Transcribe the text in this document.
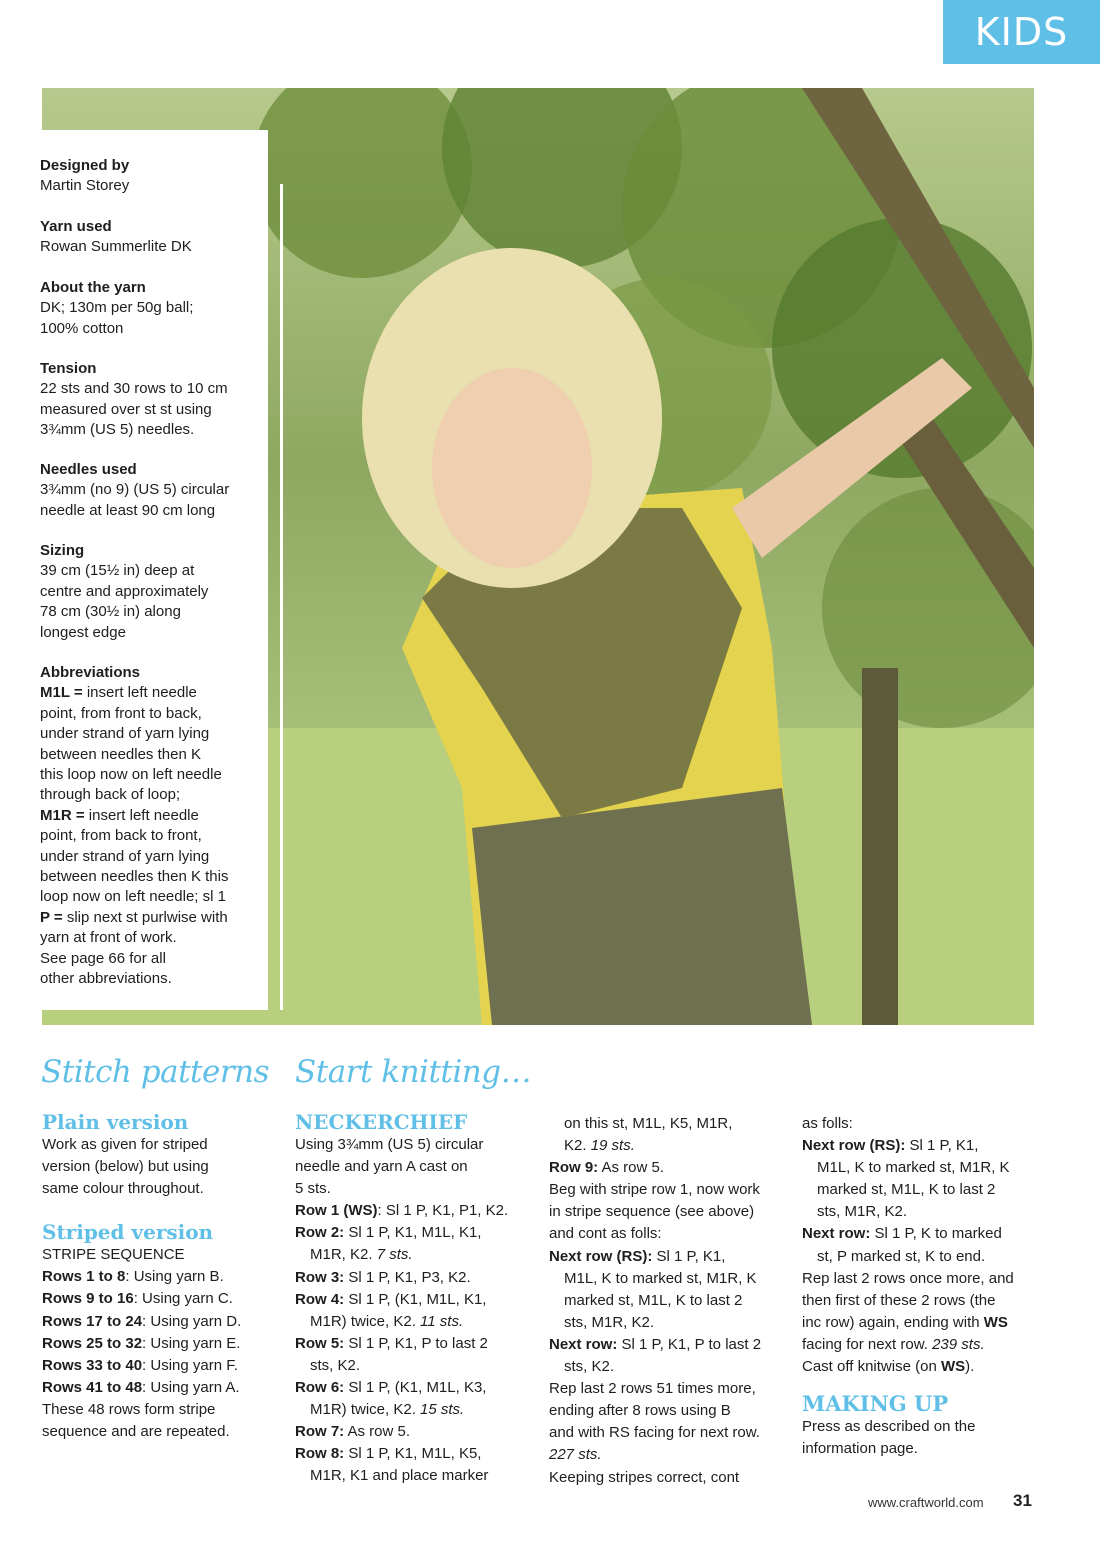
KIDS
Designed by
Martin Storey
Yarn used
Rowan Summerlite DK
About the yarn
DK; 130m per 50g ball;
100% cotton
Tension
22 sts and 30 rows to 10 cm
measured over st st using
3¾mm (US 5) needles.
Needles used
3¾mm (no 9) (US 5) circular
needle at least 90 cm long
Sizing
39 cm (15½ in) deep at
centre and approximately
78 cm (30½ in) along
longest edge
Abbreviations
M1L = insert left needle
point, from front to back,
under strand of yarn lying
between needles then K
this loop now on left needle
through back of loop;
M1R = insert left needle
point, from back to front,
under strand of yarn lying
between needles then K this
loop now on left needle; sl 1
P = slip next st purlwise with
yarn at front of work.
See page 66 for all
other abbreviations.
Stitch patterns
Plain version

Work as given for striped

version (below) but using

same colour throughout.

Striped version

STRIPE SEQUENCE

Rows 1 to 8: Using yarn B.

Rows 9 to 16: Using yarn C.

Rows 17 to 24: Using yarn D.

Rows 25 to 32: Using yarn E.

Rows 33 to 40: Using yarn F.

Rows 41 to 48: Using yarn A.

These 48 rows form stripe

sequence and are repeated.

Start knitting…
NECKERCHIEF

Using 3¾mm (US 5) circular

needle and yarn A cast on

5 sts.

Row 1 (WS): Sl 1 P, K1, P1, K2.

Row 2: Sl 1 P, K1, M1L, K1,

M1R, K2. 7 sts.

Row 3: Sl 1 P, K1, P3, K2.

Row 4: Sl 1 P, (K1, M1L, K1,

M1R) twice, K2. 11 sts.

Row 5: Sl 1 P, K1, P to last 2

sts, K2.

Row 6: Sl 1 P, (K1, M1L, K3,

M1R) twice, K2. 15 sts.

Row 7: As row 5.

Row 8: Sl 1 P, K1, M1L, K5,

M1R, K1 and place marker

on this st, M1L, K5, M1R,

K2. 19 sts.

Row 9: As row 5.

Beg with stripe row 1, now work

in stripe sequence (see above)

and cont as folls:

Next row (RS): Sl 1 P, K1,

M1L, K to marked st, M1R, K

marked st, M1L, K to last 2

sts, M1R, K2.

Next row: Sl 1 P, K1, P to last 2

sts, K2.

Rep last 2 rows 51 times more,

ending after 8 rows using B

and with RS facing for next row.

227 sts.

Keeping stripes correct, cont

as folls:

Next row (RS): Sl 1 P, K1,

M1L, K to marked st, M1R, K

marked st, M1L, K to last 2

sts, M1R, K2.

Next row: Sl 1 P, K to marked

st, P marked st, K to end.

Rep last 2 rows once more, and

then first of these 2 rows (the

inc row) again, ending with WS

facing for next row. 239 sts.

Cast off knitwise (on WS).

MAKING UP

Press as described on the

information page.

www.craftworld.com 31
